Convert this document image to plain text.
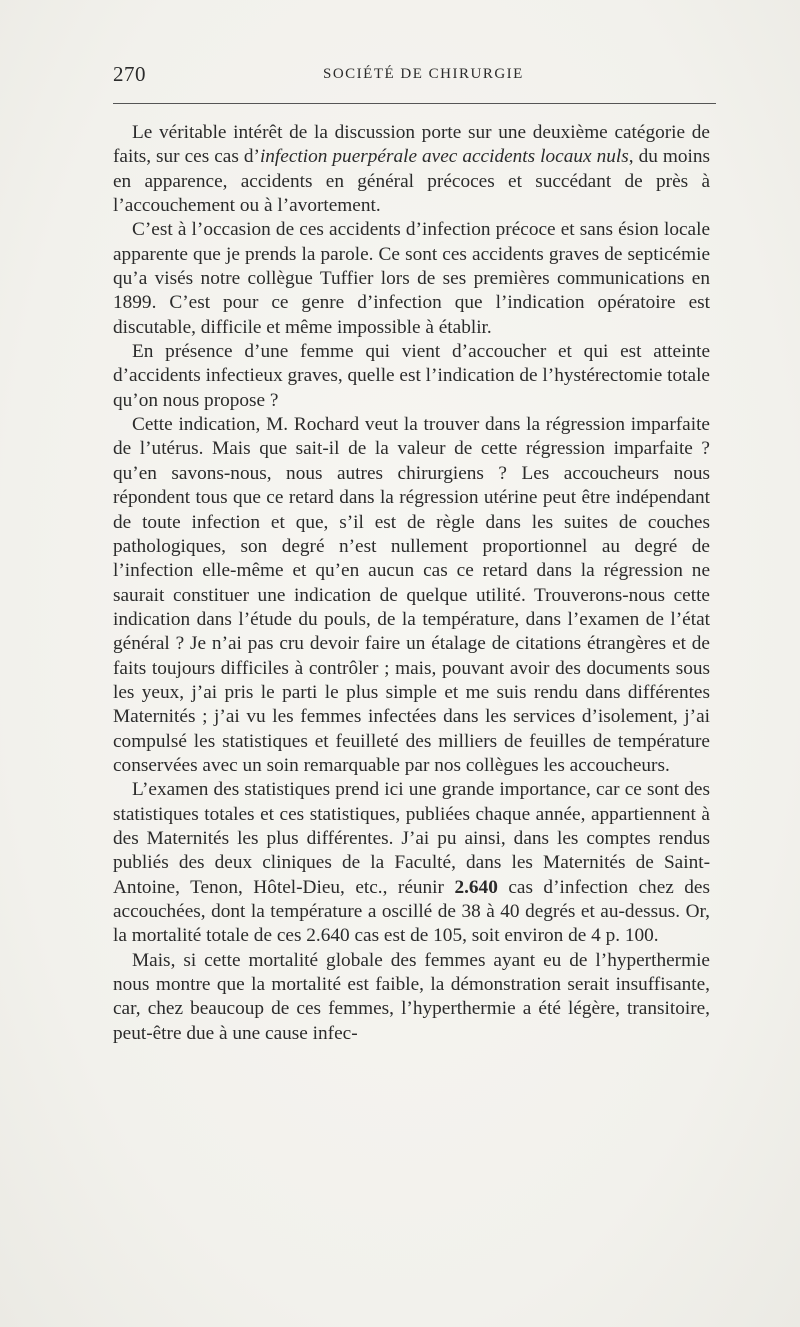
270	SOCIÉTÉ DE CHIRURGIE

Le véritable intérêt de la discussion porte sur une deuxième catégorie de faits, sur ces cas d’infection puerpérale avec accidents locaux nuls, du moins en apparence, accidents en général précoces et succédant de près à l’accouchement ou à l’avortement.

C’est à l’occasion de ces accidents d’infection précoce et sans ésion locale apparente que je prends la parole. Ce sont ces accidents graves de septicémie qu’a visés notre collègue Tuffier lors de ses premières communications en 1899. C’est pour ce genre d’infection que l’indication opératoire est discutable, difficile et même impossible à établir.

En présence d’une femme qui vient d’accoucher et qui est atteinte d’accidents infectieux graves, quelle est l’indication de l’hystérectomie totale qu’on nous propose ?

Cette indication, M. Rochard veut la trouver dans la régression imparfaite de l’utérus. Mais que sait-il de la valeur de cette régression imparfaite ? qu’en savons-nous, nous autres chirurgiens ? Les accoucheurs nous répondent tous que ce retard dans la régression utérine peut être indépendant de toute infection et que, s’il est de règle dans les suites de couches pathologiques, son degré n’est nullement proportionnel au degré de l’infection elle-même et qu’en aucun cas ce retard dans la régression ne saurait constituer une indication de quelque utilité. Trouverons-nous cette indication dans l’étude du pouls, de la température, dans l’examen de l’état général ? Je n’ai pas cru devoir faire un étalage de citations étrangères et de faits toujours difficiles à contrôler ; mais, pouvant avoir des documents sous les yeux, j’ai pris le parti le plus simple et me suis rendu dans différentes Maternités ; j’ai vu les femmes infectées dans les services d’isolement, j’ai compulsé les statistiques et feuilleté des milliers de feuilles de température conservées avec un soin remarquable par nos collègues les accoucheurs.

L’examen des statistiques prend ici une grande importance, car ce sont des statistiques totales et ces statistiques, publiées chaque année, appartiennent à des Maternités les plus différentes. J’ai pu ainsi, dans les comptes rendus publiés des deux cliniques de la Faculté, dans les Maternités de Saint-Antoine, Tenon, Hôtel-Dieu, etc., réunir 2.640 cas d’infection chez des accouchées, dont la température a oscillé de 38 à 40 degrés et au-dessus. Or, la mortalité totale de ces 2.640 cas est de 105, soit environ de 4 p. 100.

Mais, si cette mortalité globale des femmes ayant eu de l’hyperthermie nous montre que la mortalité est faible, la démonstration serait insuffisante, car, chez beaucoup de ces femmes, l’hyperthermie a été légère, transitoire, peut-être due à une cause infec-
